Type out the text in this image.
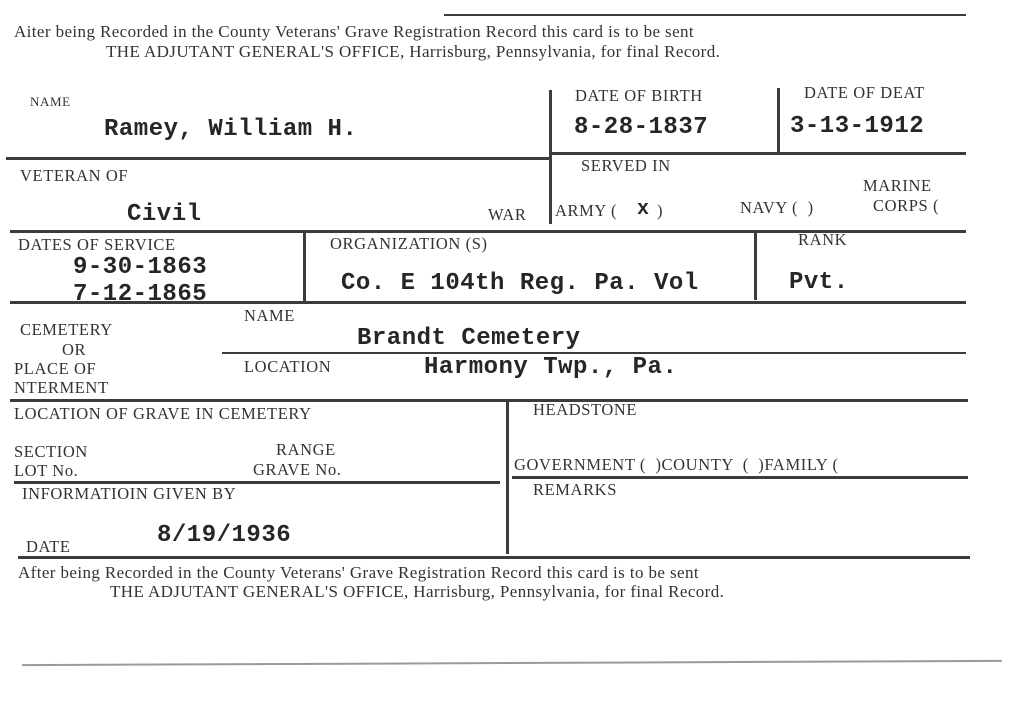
Aiter being Recorded in the County Veterans' Grave Registration Record this card is to be sent
THE ADJUTANT GENERAL'S OFFICE, Harrisburg, Pennsylvania, for final Record.
NAME
Ramey, William H.
DATE OF BIRTH
8-28-1837
DATE OF DEAT
3-13-1912
VETERAN OF
Civil	WAR
SERVED IN
ARMY ( x )	NAVY (  )
MARINE
CORPS (
DATES OF SERVICE
9-30-1863
7-12-1865
ORGANIZATION (S)
Co. E 104th Reg. Pa. Vol
RANK
Pvt.
CEMETERY
OR
PLACE OF
NTERMENT
NAME
Brandt Cemetery
LOCATION	Harmony Twp., Pa.
LOCATION OF GRAVE IN CEMETERY	HEADSTONE
SECTION
LOT No.
RANGE
GRAVE No.	GOVERNMENT (  )COUNTY  (  )FAMILY (
INFORMATIOIN GIVEN BY	REMARKS
DATE	8/19/1936
After being Recorded in the County Veterans' Grave Registration Record this card is to be sent
THE ADJUTANT GENERAL'S OFFICE, Harrisburg, Pennsylvania, for final Record.
